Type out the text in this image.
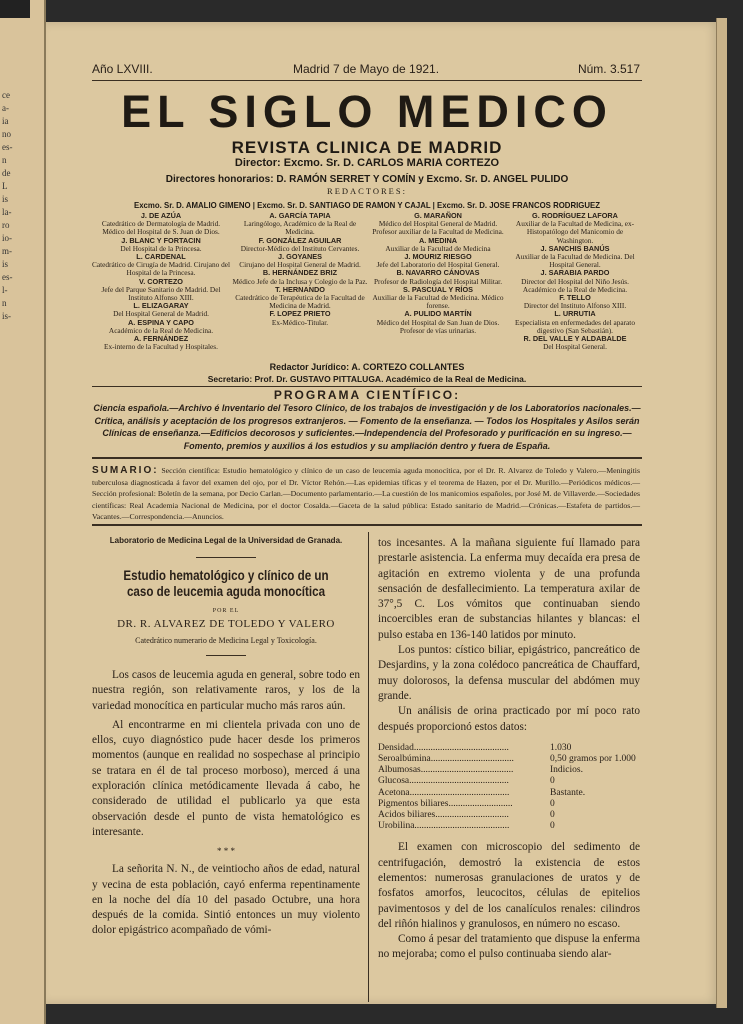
ce
a-
ia
no
es-
n
de
L
is
la-
ro
io-
m-
is
es-
l-
n
is-
Año LXVIII.	Madrid 7 de Mayo de 1921.	Núm. 3.517
EL SIGLO MEDICO
REVISTA CLINICA DE MADRID
Director: Excmo. Sr. D. CARLOS MARIA CORTEZO
Directores honorarios: D. RAMÓN SERRET Y COMÍN y Excmo. Sr. D. ANGEL PULIDO
REDACTORES:
Excmo. Sr. D. AMALIO GIMENO | Excmo. Sr. D. SANTIAGO DE RAMON Y CAJAL | Excmo. Sr. D. JOSE FRANCOS RODRIGUEZ
J. DE AZÚA
Catedrático de Dermatología de Madrid. Médico del Hospital de S. Juan de Dios.
J. BLANC Y FORTACIN
Del Hospital de la Princesa.
L. CARDENAL
Catedrático de Cirugía de Madrid. Cirujano del Hospital de la Princesa.
V. CORTEZO
Jefe del Parque Sanitario de Madrid. Del Instituto Alfonso XIII.
L. ELIZAGARAY
Del Hospital General de Madrid.
A. ESPINA Y CAPO
Académico de la Real de Medicina.
A. FERNÁNDEZ
Ex-interno de la Facultad y Hospitales.
A. GARCÍA TAPIA
Laringólogo, Académico de la Real de Medicina.
F. GONZÁLEZ AGUILAR
Director-Médico del Instituto Cervantes.
J. GOYANES
Cirujano del Hospital General de Madrid.
B. HERNÁNDEZ BRIZ
Médico Jefe de la Inclusa y Colegio de la Paz.
T. HERNANDO
Catedrático de Terapéutica de la Facultad de Medicina de Madrid.
F. LOPEZ PRIETO
Ex-Médico-Titular.
G. MARAÑON
Médico del Hospital General de Madrid. Profesor auxiliar de la Facultad de Medicina.
A. MEDINA
Auxiliar de la Facultad de Medicina
J. MOURIZ RIESGO
Jefe del Laboratorio del Hospital General.
B. NAVARRO CÁNOVAS
Profesor de Radiología del Hospital Militar.
S. PASCUAL Y RÍOS
Auxiliar de la Facultad de Medicina. Médico forense.
A. PULIDO MARTÍN
Médico del Hospital de San Juan de Dios. Profesor de vías urinarias.
G. RODRÍGUEZ LAFORA
Auxiliar de la Facultad de Medicina, ex-Histopatólogo del Manicomio de Washington.
J. SANCHIS BANÚS
Auxiliar de la Facultad de Medicina. Del Hospital General.
J. SARABIA PARDO
Director del Hospital del Niño Jesús. Académico de la Real de Medicina.
F. TELLO
Director del Instituto Alfonso XIII.
L. URRUTIA
Especialista en enfermedades del aparato digestivo (San Sebastián).
R. DEL VALLE Y ALDABALDE
Del Hospital General.
Redactor Jurídico: A. CORTEZO COLLANTES
Secretario: Prof. Dr. GUSTAVO PITTALUGA. Académico de la Real de Medicina.
PROGRAMA CIENTÍFICO:
Ciencia española.—Archivo é Inventario del Tesoro Clínico, de los trabajos de investigación y de los Laboratorios nacionales.—Crítica, análisis y aceptación de los progresos extranjeros. — Fomento de la enseñanza. — Todos los Hospitales y Asilos serán Clínicas de enseñanza.—Edificios decorosos y suficientes.—Independencia del Profesorado y purificación en su ingreso.—Fomento, premios y auxilios á los estudios y su ampliación dentro y fuera de España.
SUMARIO: Sección científica: Estudio hematológico y clínico de un caso de leucemia aguda monocítica, por el Dr. R. Alvarez de Toledo y Valero.—Meningitis tuberculosa diagnosticada á favor del examen del ojo, por el Dr. Víctor Rehón.—Las epidemias tíficas y el teorema de Hazen, por el Dr. Murillo.—Periódicos médicos.—Sección profesional: Boletín de la semana, por Decio Carlan.—Documento parlamentario.—La cuestión de los manicomios españoles, por José M. de Villaverde.—Sociedades científicas: Real Academia Nacional de Medicina, por el doctor Cosalda.—Gaceta de la salud pública: Estado sanitario de Madrid.—Crónicas.—Estafeta de partidos.—Vacantes.—Correspondencia.—Anuncios.
Laboratorio de Medicina Legal de la Universidad de Granada.
Estudio hematológico y clínico de un caso de leucemia aguda monocítica
POR EL
DR. R. ALVAREZ DE TOLEDO Y VALERO
Catedrático numerario de Medicina Legal y Toxicología.

Los casos de leucemia aguda en general, sobre todo en nuestra región, son relativamente raros, y los de la variedad monocítica en particular mucho más raros aún.

Al encontrarme en mi clientela privada con uno de ellos, cuyo diagnóstico pude hacer desde los primeros momentos (aunque en realidad no sospechase al principio se tratara en él de tal proceso morboso), merced á una exploración clínica metódicamente llevada á cabo, he considerado de utilidad el publicarlo ya que esta observación desde el punto de vista hematológico es interesante.

* * *

La señorita N. N., de veintiocho años de edad, natural y vecina de esta población, cayó enferma repentinamente en la noche del día 10 del pasado Octubre, una hora después de la comida. Sintió entonces un muy violento dolor epigástrico acompañado de vómi-

tos incesantes. A la mañana siguiente fuí llamado para prestarle asistencia. La enferma muy decaída era presa de agitación en extremo violenta y de una profunda sensación de desfallecimiento. La temperatura axilar de 37°,5 C. Los vómitos que continuaban siendo incoercibles eran de substancias hilantes y blancas: el pulso estaba en 136-140 latidos por minuto.

Los puntos: cístico biliar, epigástrico, pancreático de Desjardins, y la zona colédoco pancreática de Chauffard, muy dolorosos, la defensa muscular del abdómen muy grande.

Un análisis de orina practicado por mí poco rato después proporcionó estos datos:

Densidad........................................	1.030
Seroalbúmina...................................	0,50 gramos por 1.000
Albumosas.......................................	Indicios.
Glucosa..........................................	0
Acetona..........................................	Bastante.
Pigmentos biliares...........................	0
Acidos biliares...............................	0
Urobilina........................................	0

El examen con microscopio del sedimento de centrifugación, demostró la existencia de estos elementos: numerosas granulaciones de uratos y de fosfatos amorfos, leucocitos, células de epitelios pavimentosos y del de los canalículos renales: cilindros del riñón hialinos y granulosos, en número no escaso.

Como á pesar del tratamiento que dispuse la enferma no mejoraba; como el pulso continuaba siendo alar-
